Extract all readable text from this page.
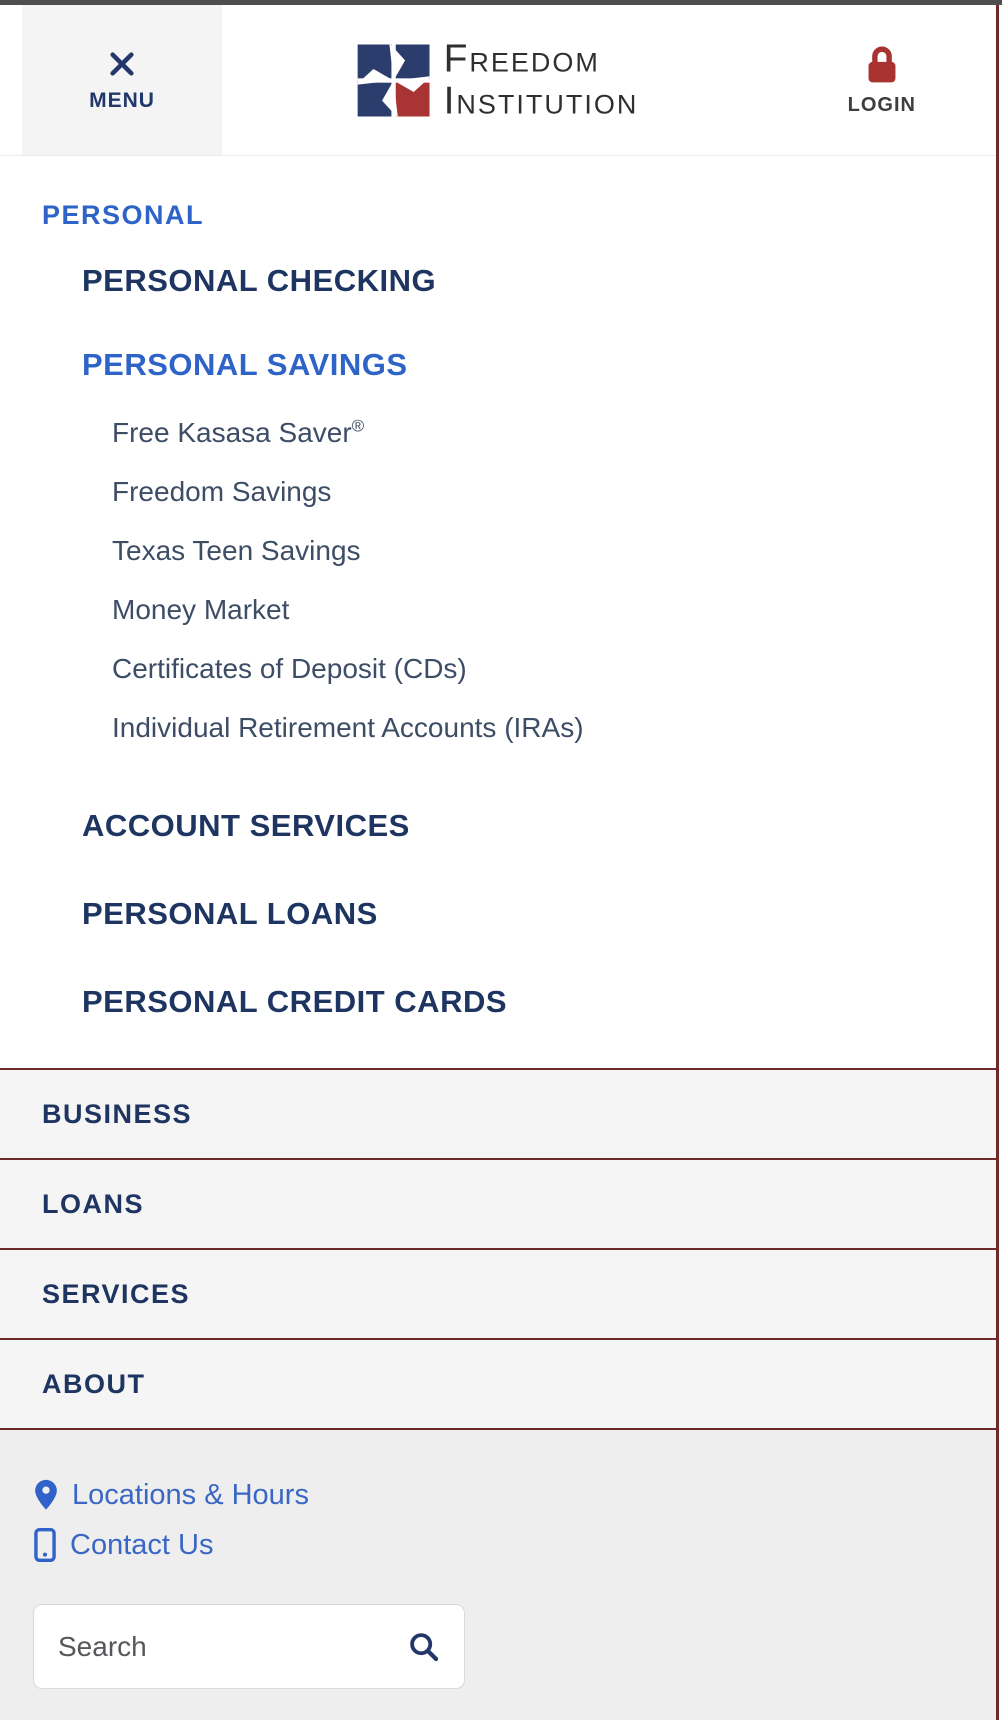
MENU
FREEDOM
INSTITUTION	LOGIN
PERSONAL
PERSONAL CHECKING
PERSONAL SAVINGS
Free Kasasa Saver®
Freedom Savings
Texas Teen Savings
Money Market
Certificates of Deposit (CDs)
Individual Retirement Accounts (IRAs)
ACCOUNT SERVICES
PERSONAL LOANS
PERSONAL CREDIT CARDS
BUSINESS
LOANS
SERVICES
ABOUT
Locations & Hours
Contact Us
Search
